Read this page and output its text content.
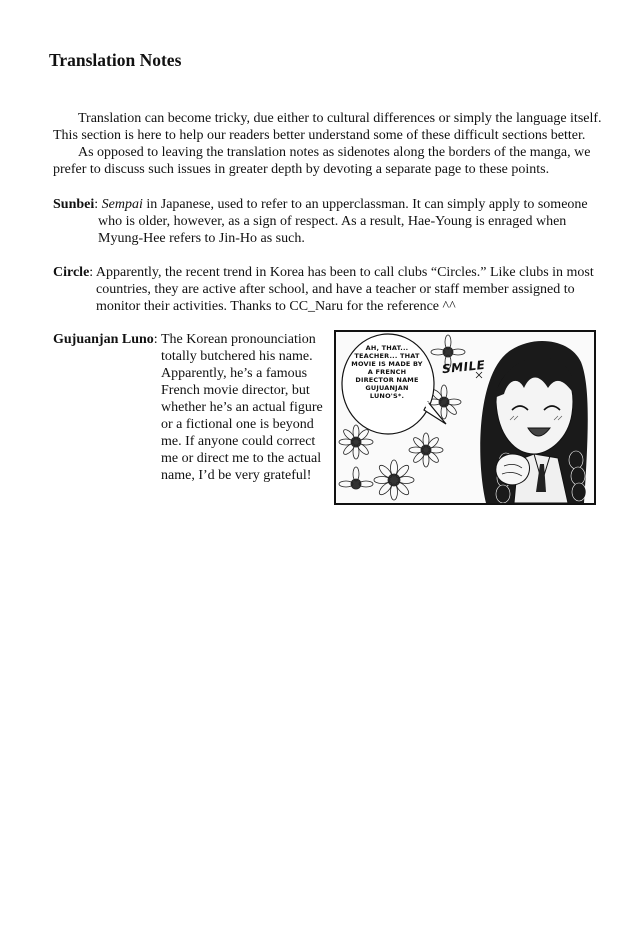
Translation Notes

Translation can become tricky, due either to cultural differences or simply the language itself. This section is here to help our readers better understand some of these difficult sections better.

As opposed to leaving the translation notes as sidenotes along the borders of the manga, we prefer to discuss such issues in greater depth by devoting a separate page to these points.

Sunbei: Sempai in Japanese, used to refer to an upperclassman. It can simply apply to someone
who is older, however, as a sign of respect. As a result, Hae-Young is enraged when Myung-Hee refers to Jin-Ho as such.
Circle: Apparently, the recent trend in Korea has been to call clubs “Circles.” Like clubs in most
countries, they are active after school, and have a teacher or staff member assigned to monitor their activities. Thanks to CC_Naru for the reference ^^
Gujuanjan Luno:The Korean pronounciation totally butchered his name. Apparently, he’s a famous French movie director, but whether he’s an actual figure or a fictional one is beyond me. If anyone could correct me or direct me to the actual name, I’d be very grateful!
AH, THAT... TEACHER... THAT MOVIE IS MADE BY A FRENCH DIRECTOR NAME GUJUANJAN LUNO'S*.
SMILE
